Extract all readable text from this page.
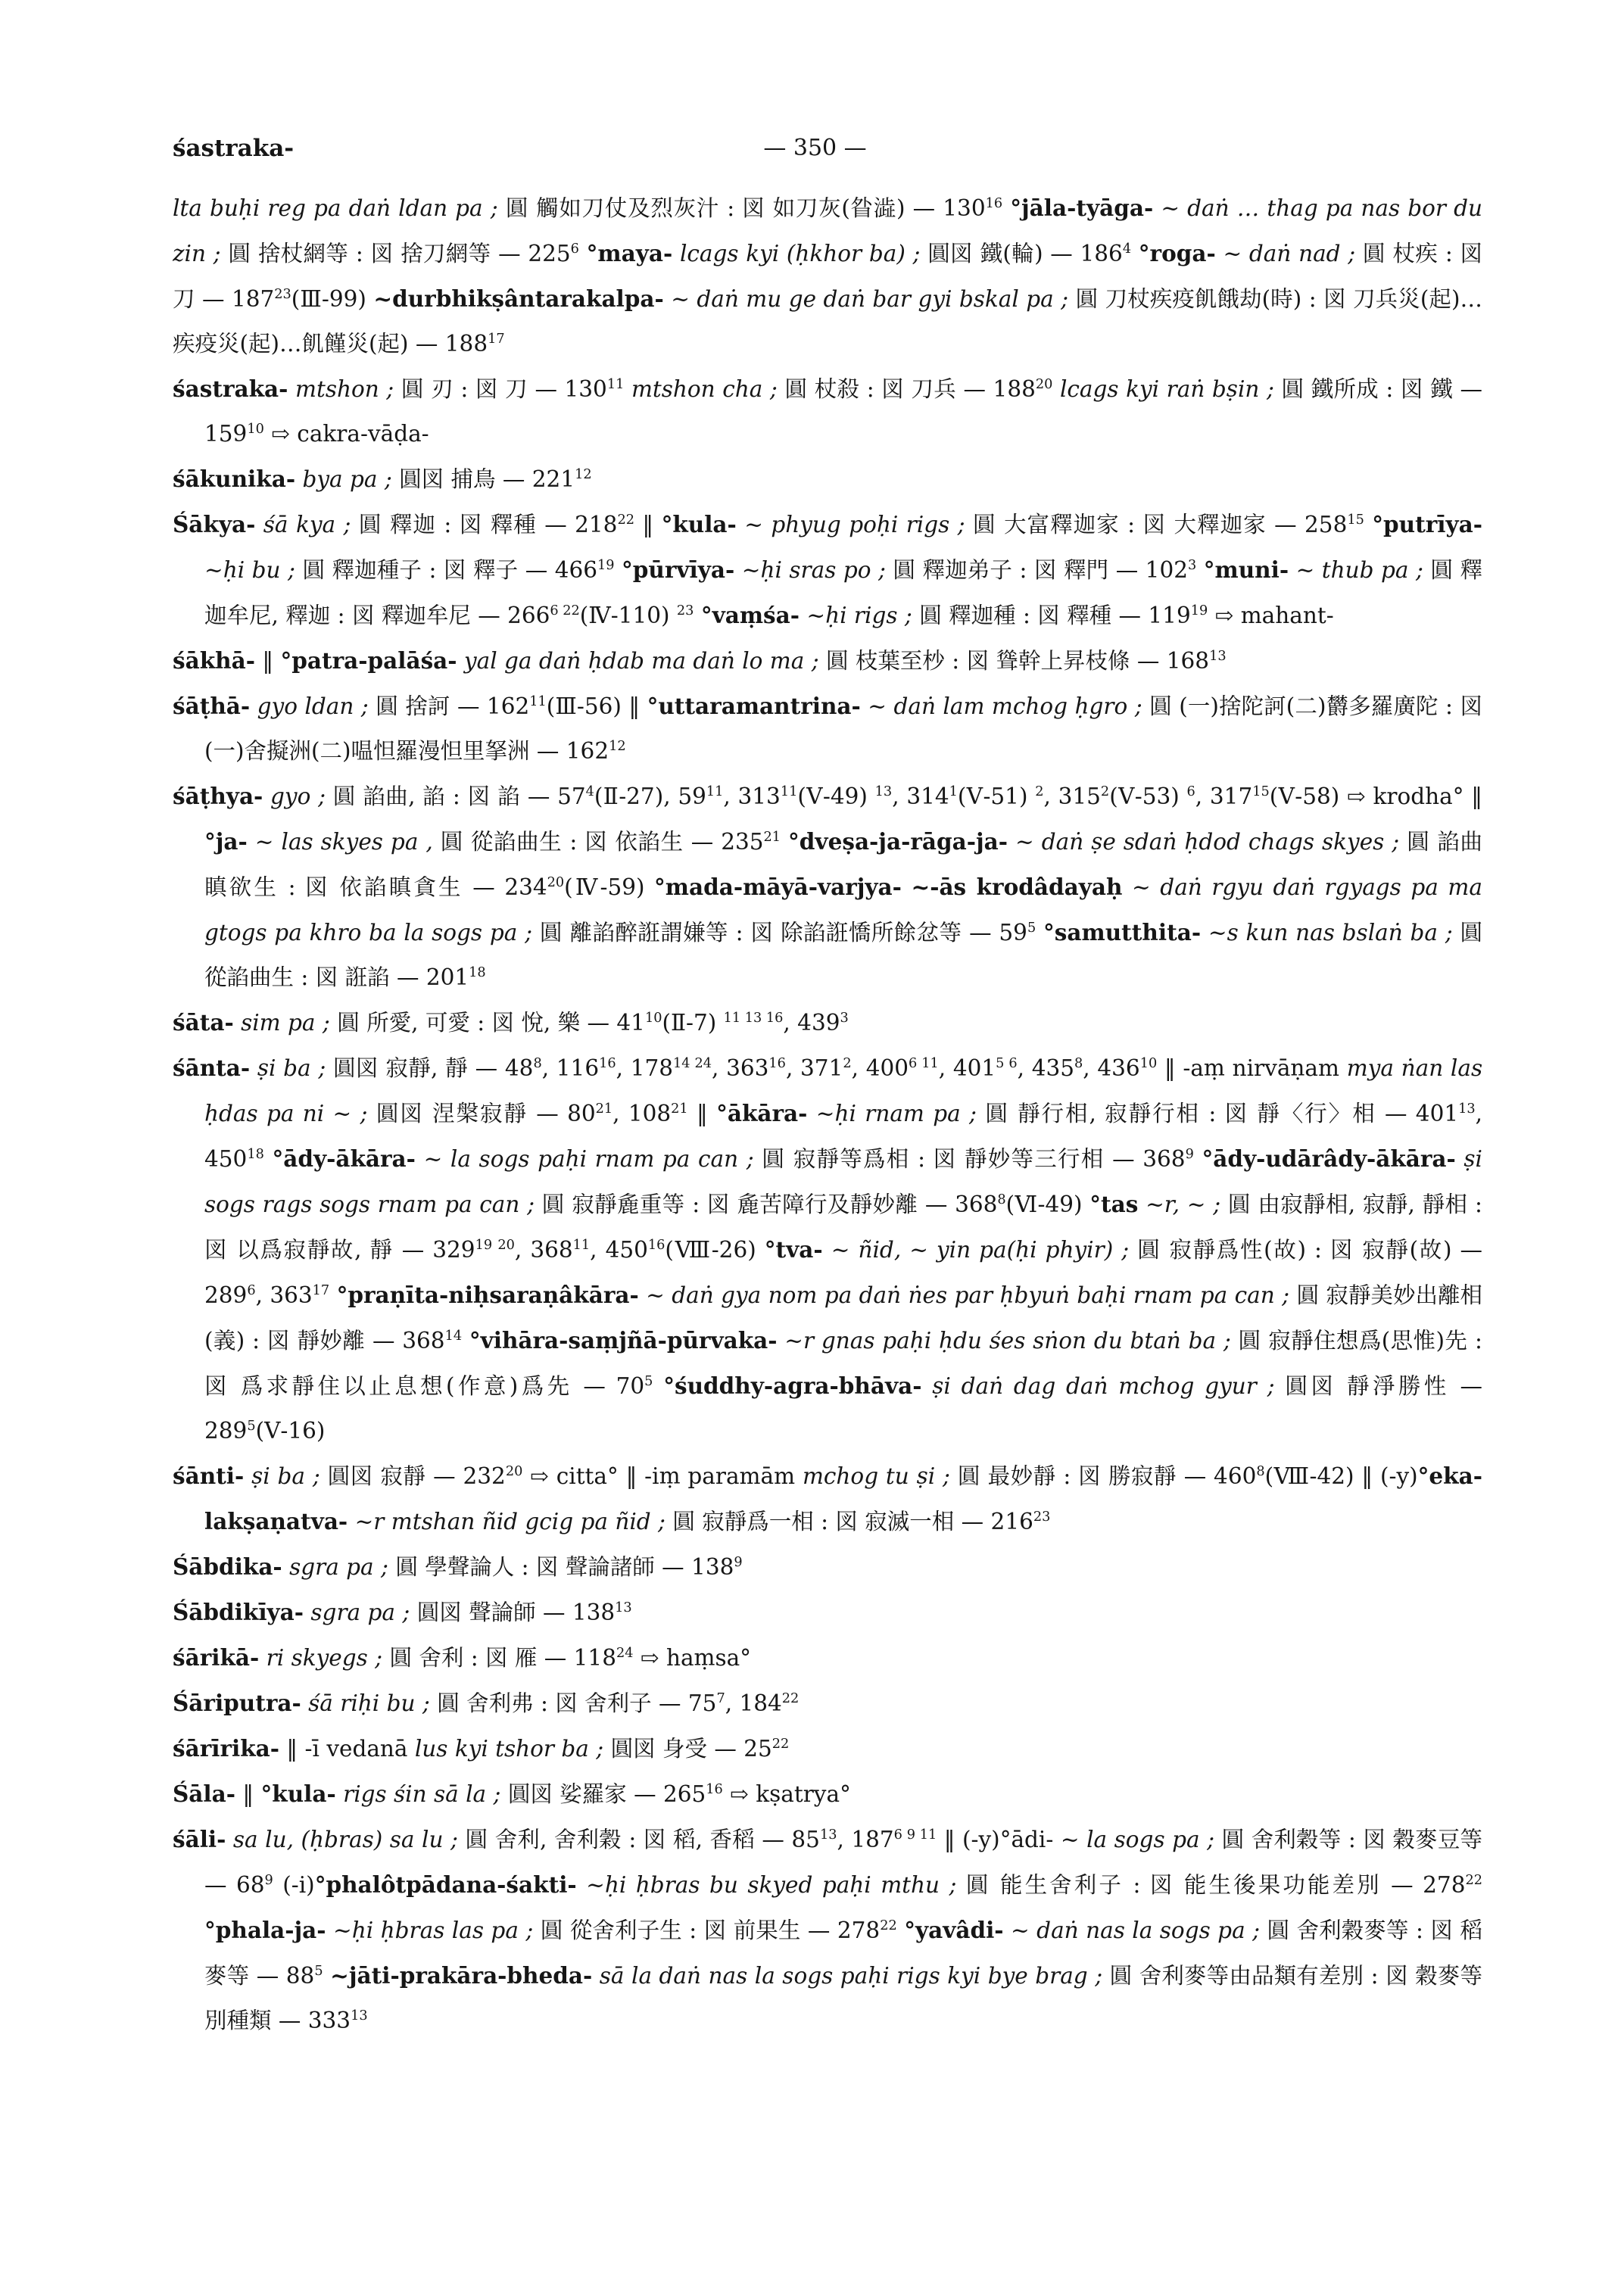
śastraka-	— 350 —

lta buḥi reg pa daṅ ldan pa ; 圓 觸如刀仗及烈灰汁 : 図 如刀灰(䀤澁) — $130^{16}$ °jāla-tyāga- ~ daṅ … thag pa nas bor du zin ; 圓 捨杖網等 : 図 捨刀網等 — $225^6$ °maya- lcags kyi (ḥkhor ba) ; 圓図 鐵(輪) — $186^4$ °roga- ~ daṅ nad ; 圓 杖疾 : 図 刀 — $187^{23}(Ⅲ-99)$ ~durbhikṣântarakalpa- ~ daṅ mu ge daṅ bar gyi bskal pa ; 圓 刀杖疾疫飢餓劫(時) : 図 刀兵災(起)…疾疫災(起)…飢饉災(起) — $188^{17}$

śastraka- mtshon ; 圓 刃 : 図 刀 — $130^{11}$ mtshon cha ; 圓 杖殺 : 図 刀兵 — $188^{20}$ lcags kyi raṅ bṣin ; 圓 鐵所成 : 図 鐵 — $159^{10}$ ⇨ cakra-vāḍa-

śākunika- bya pa ; 圓図 捕鳥 — $221^{12}$

Śākya- śā kya ; 圓 釋迦 : 図 釋種 — $218^{22}$ ‖ °kula- ~ phyug poḥi rigs ; 圓 大富釋迦家 : 図 大釋迦家 — $258^{15}$ °putrīya- ~ḥi bu ; 圓 釋迦種子 : 図 釋子 — $466^{19}$ °pūrvīya- ~ḥi sras po ; 圓 釋迦弟子 : 図 釋門 — $102^3$ °muni- ~ thub pa ; 圓 釋迦牟尼, 釋迦 : 図 釋迦牟尼 — $266^{6 22}(Ⅳ-110)$ $^{23}$ °vaṃśa- ~ḥi rigs ; 圓 釋迦種 : 図 釋種 — $119^{19}$ ⇨ mahant-

śākhā- ‖ °patra-palāśa- yal ga daṅ ḥdab ma daṅ lo ma ; 圓 枝葉至杪 : 図 聳幹上昇枝條 — $168^{13}$

śāṭhā- gyo ldan ; 圓 捨訶 — $162^{11}(Ⅲ-56)$ ‖ °uttaramantrina- ~ daṅ lam mchog ḥgro ; 圓 (一)捨陀訶(二)欝多羅廣陀 : 図 (一)舍擬洲(二)嗢怛羅漫怛里拏洲 — $162^{12}$

śāṭhya- gyo ; 圓 諂曲, 諂 : 図 諂 — $57^4(Ⅱ-27)$, $59^{11}$, $313^{11}(Ⅴ-49)$ $^{13}$, $314^1(Ⅴ-51)$ $^2$, $315^2(Ⅴ-53)$ $^6$, $317^{15}(Ⅴ-58)$ ⇨ krodha° ‖ °ja- ~ las skyes pa , 圓 從諂曲生 : 図 依諂生 — $235^{21}$ °dveṣa-ja-rāga-ja- ~ daṅ ṣe sdaṅ ḥdod chags skyes ; 圓 諂曲瞋欲生 : 図 依諂瞋貪生 — $234^{20}(Ⅳ-59)$ °mada-māyā-varjya- ~-ās krodâdayaḥ ~ daṅ rgyu daṅ rgyags pa ma gtogs pa khro ba la sogs pa ; 圓 離諂醉誑謂嫌等 : 図 除諂誑憍所餘忿等 — $59^5$ °samutthita- ~s kun nas bslaṅ ba ; 圓 從諂曲生 : 図 誑諂 — $201^{18}$

śāta- sim pa ; 圓 所愛, 可愛 : 図 悅, 樂 — $41^{10}(Ⅱ-7)$ $^{11 13 16}$, $439^3$

śānta- ṣi ba ; 圓図 寂靜, 靜 — $48^8$, $116^{16}$, $178^{14 24}$, $363^{16}$, $371^2$, $400^{6 11}$, $401^{5 6}$, $435^8$, $436^{10}$ ‖ -aṃ nirvāṇam mya ṅan las ḥdas pa ni ~ ; 圓図 涅槃寂靜 — $80^{21}$, $108^{21}$ ‖ °ākāra- ~ḥi rnam pa ; 圓 靜行相, 寂靜行相 : 図 靜〈行〉相 — $401^{13}$, $450^{18}$ °ādy-ākāra- ~ la sogs paḥi rnam pa can ; 圓 寂靜等爲相 : 図 靜妙等三行相 — $368^9$ °ādy-udārâdy-ākāra- ṣi sogs rags sogs rnam pa can ; 圓 寂靜麁重等 : 図 麁苦障行及靜妙離 — $368^8(Ⅵ-49)$ °tas ~r, ~ ; 圓 由寂靜相, 寂靜, 靜相 : 図 以爲寂靜故, 靜 — $329^{19 20}$, $368^{11}$, $450^{16}(Ⅷ-26)$ °tva- ~ ñid, ~ yin pa(ḥi phyir) ; 圓 寂靜爲性(故) : 図 寂靜(故) — $289^6$, $363^{17}$ °praṇīta-niḥsaraṇâkāra- ~ daṅ gya nom pa daṅ ṅes par ḥbyuṅ baḥi rnam pa can ; 圓 寂靜美妙出離相(義) : 図 靜妙離 — $368^{14}$ °vihāra-saṃjñā-pūrvaka- ~r gnas paḥi ḥdu śes sṅon du btaṅ ba ; 圓 寂靜住想爲(思惟)先 : 図 爲求靜住以止息想(作意)爲先 — $70^5$ °śuddhy-agra-bhāva- ṣi daṅ dag daṅ mchog gyur ; 圓図 靜淨勝性 — $289^5(Ⅴ-16)$

śānti- ṣi ba ; 圓図 寂靜 — $232^{20}$ ⇨ citta° ‖ -iṃ paramām mchog tu ṣi ; 圓 最妙靜 : 図 勝寂靜 — $460^8(Ⅷ-42)$ ‖ (-y)°eka-lakṣaṇatva- ~r mtshan ñid gcig pa ñid ; 圓 寂靜爲一相 : 図 寂滅一相 — $216^{23}$

Śābdika- sgra pa ; 圓 學聲論人 : 図 聲論諸師 — $138^9$

Śābdikīya- sgra pa ; 圓図 聲論師 — $138^{13}$

śārikā- ri skyegs ; 圓 舍利 : 図 雁 — $118^{24}$ ⇨ haṃsa°

Śāriputra- śā riḥi bu ; 圓 舍利弗 : 図 舍利子 — $75^7$, $184^{22}$

śārīrika- ‖ -ī vedanā lus kyi tshor ba ; 圓図 身受 — $25^{22}$

Śāla- ‖ °kula- rigs śin sā la ; 圓図 娑羅家 — $265^{16}$ ⇨ kṣatrya°

śāli- sa lu, (ḥbras) sa lu ; 圓 舍利, 舍利穀 : 図 稻, 香稻 — $85^{13}$, $187^{6 9 11}$ ‖ (-y)°ādi- ~ la sogs pa ; 圓 舍利穀等 : 図 穀麥豆等 — $68^9$ (-i)°phalôtpādana-śakti- ~ḥi ḥbras bu skyed paḥi mthu ; 圓 能生舍利子 : 図 能生後果功能差別 — $278^{22}$ °phala-ja- ~ḥi ḥbras las pa ; 圓 從舍利子生 : 図 前果生 — $278^{22}$ °yavâdi- ~ daṅ nas la sogs pa ; 圓 舍利穀麥等 : 図 稻麥等 — $88^5$ ~jāti-prakāra-bheda- sā la daṅ nas la sogs paḥi rigs kyi bye brag ; 圓 舍利麥等由品類有差別 : 図 穀麥等別種類 — $333^{13}$
